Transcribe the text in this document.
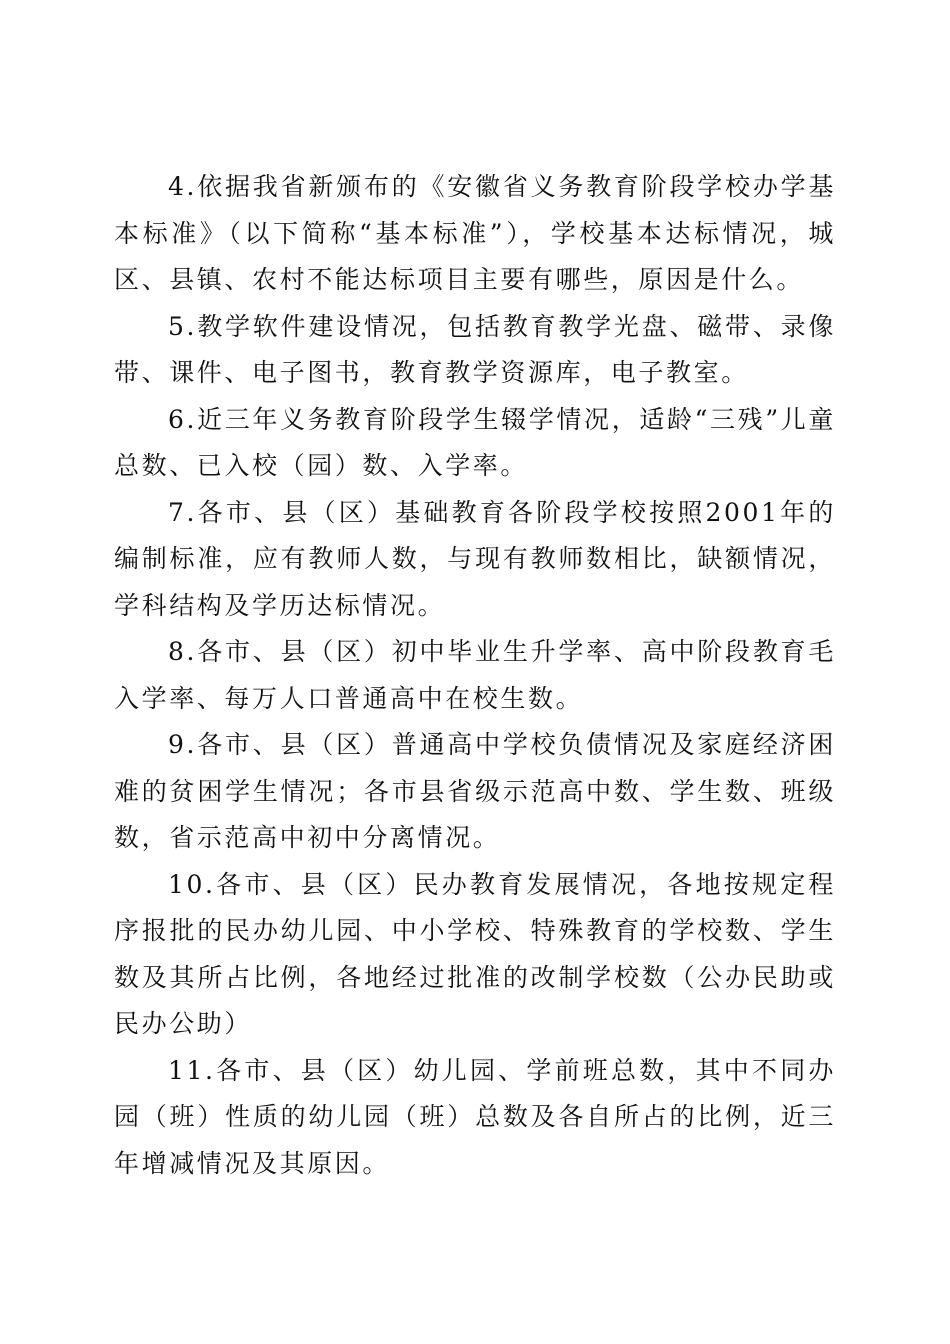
4.依据我省新颁布的《安徽省义务教育阶段学校办学基本标准》（以下简称“基本标准”），学校基本达标情况，城区、县镇、农村不能达标项目主要有哪些，原因是什么。

5.教学软件建设情况，包括教育教学光盘、磁带、录像带、课件、电子图书，教育教学资源库，电子教室。

6.近三年义务教育阶段学生辍学情况，适龄“三残”儿童总数、已入校（园）数、入学率。

7.各市、县（区）基础教育各阶段学校按照2001年的编制标准，应有教师人数，与现有教师数相比，缺额情况，学科结构及学历达标情况。

8.各市、县（区）初中毕业生升学率、高中阶段教育毛入学率、每万人口普通高中在校生数。

9.各市、县（区）普通高中学校负债情况及家庭经济困难的贫困学生情况；各市县省级示范高中数、学生数、班级数，省示范高中初中分离情况。

10.各市、县（区）民办教育发展情况，各地按规定程序报批的民办幼儿园、中小学校、特殊教育的学校数、学生数及其所占比例，各地经过批准的改制学校数（公办民助或民办公助）

11.各市、县（区）幼儿园、学前班总数，其中不同办园（班）性质的幼儿园（班）总数及各自所占的比例，近三年增减情况及其原因。
